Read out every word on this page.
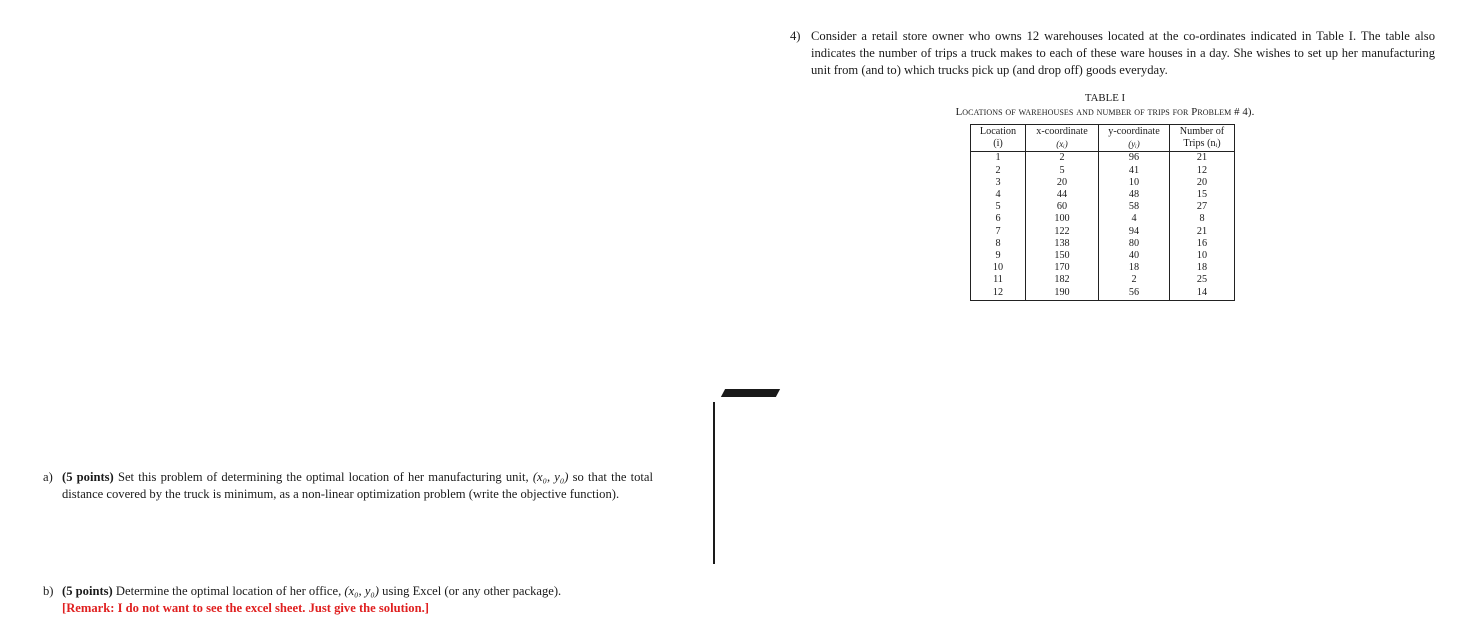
4) Consider a retail store owner who owns 12 warehouses located at the co-ordinates indicated in Table I. The table also indicates the number of trips a truck makes to each of these ware houses in a day. She wishes to set up her manufacturing unit from (and to) which trucks pick up (and drop off) goods everyday.
TABLE I
Locations of warehouses and number of trips for Problem # 4).
Location	x-coordinate	y-coordinate	Number of
(i)	(xᵢ)	(yᵢ)	Trips (nᵢ)
1	2	96	21
2	5	41	12
3	20	10	20
4	44	48	15
5	60	58	27
6	100	4	8
7	122	94	21
8	138	80	16
9	150	40	10
10	170	18	18
11	182	2	25
12	190	56	14
a) (5 points) Set this problem of determining the optimal location of her manufacturing unit, (x₀, y₀) so that the total distance covered by the truck is minimum, as a non-linear optimization problem (write the objective function).
b) (5 points) Determine the optimal location of her office, (x₀, y₀) using Excel (or any other package).
[Remark: I do not want to see the excel sheet. Just give the solution.]
